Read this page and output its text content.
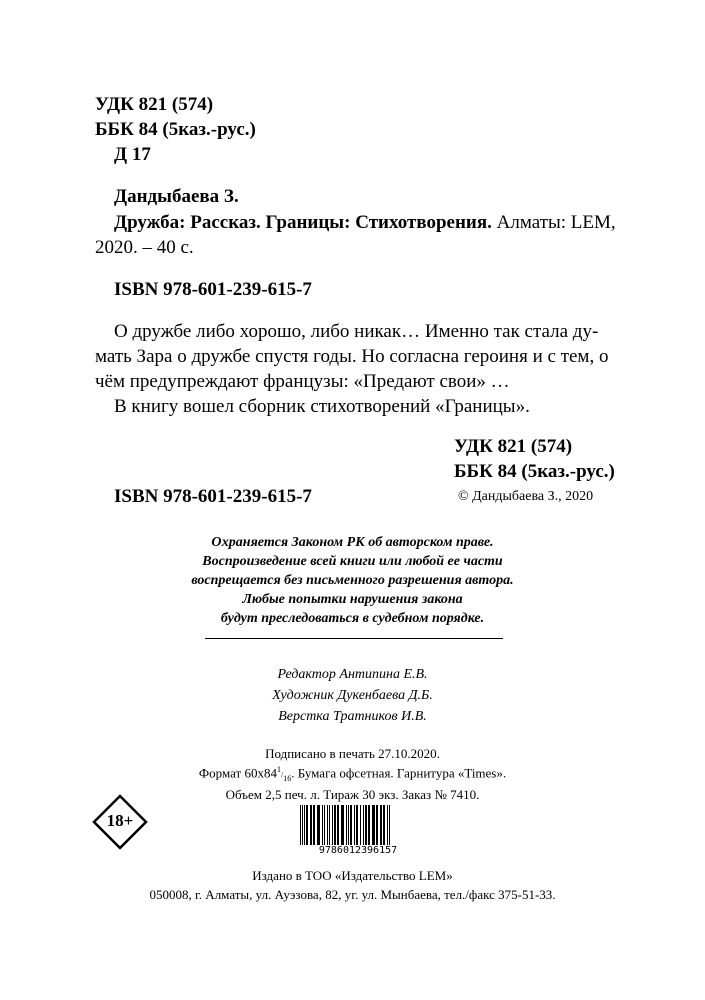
УДК 821 (574)
ББК 84 (5каз.-рус.)
Д 17
Дандыбаева З.
Дружба: Рассказ. Границы: Стихотворения. Алматы: LEM,
2020. – 40 с.
ISBN 978-601-239-615-7

О дружбе либо хорошо, либо никак… Именно так стала ду-

мать Зара о дружбе спустя годы. Но согласна героиня и с тем, о

чём предупреждают французы: «Предают свои» …

В книгу вошел сборник стихотворений «Границы».

УДК 821 (574)
ББК 84 (5каз.-рус.)
ISBN 978-601-239-615-7	© Дандыбаева З., 2020
Охраняется Законом РК об авторском праве.
Воспроизведение всей книги или любой ее части
воспрещается без письменного разрешения автора.
Любые попытки нарушения закона
будут преследоваться в судебном порядке.
Редактор Антипина Е.В.
Художник Дукенбаева Д.Б.
Верстка Тратников И.В.
Подписано в печать 27.10.2020.
Формат $60х84^1/_{16}$. Бумага офсетная. Гарнитура «Times».
Объем 2,5 печ. л. Тираж 30 экз. Заказ № 7410.
18+
9786012396157
Издано в ТОО «Издательство LEM»
050008, г. Алматы, ул. Ауэзова, 82, уг. ул. Мынбаева, тел./факс 375-51-33.
